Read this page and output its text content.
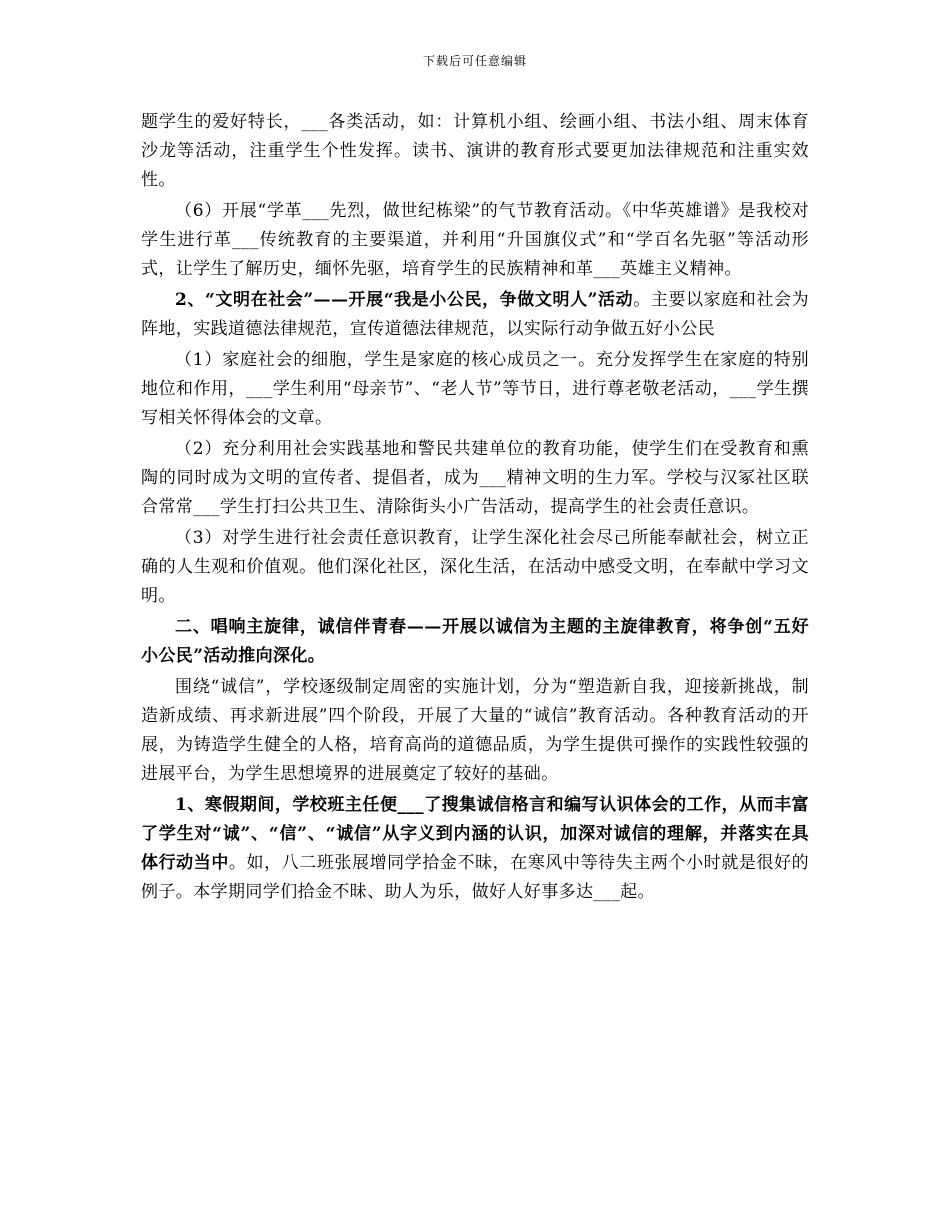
下载后可任意编辑

题学生的爱好特长，___各类活动，如：计算机小组、绘画小组、书法小组、周末体育沙龙等活动，注重学生个性发挥。读书、演讲的教育形式要更加法律规范和注重实效性。

（6）开展“学革___先烈，做世纪栋梁”的气节教育活动。《中华英雄谱》是我校对学生进行革___传统教育的主要渠道，并利用“升国旗仪式”和“学百名先驱”等活动形式，让学生了解历史，缅怀先驱，培育学生的民族精神和革___英雄主义精神。

2、“文明在社会”——开展“我是小公民，争做文明人”活动。主要以家庭和社会为阵地，实践道德法律规范，宣传道德法律规范，以实际行动争做五好小公民

（1）家庭社会的细胞，学生是家庭的核心成员之一。充分发挥学生在家庭的特别地位和作用，___学生利用“母亲节”、“老人节”等节日，进行尊老敬老活动，___学生撰写相关怀得体会的文章。

（2）充分利用社会实践基地和警民共建单位的教育功能，使学生们在受教育和熏陶的同时成为文明的宣传者、提倡者，成为___精神文明的生力军。学校与汉冢社区联合常常___学生打扫公共卫生、清除街头小广告活动，提高学生的社会责任意识。

（3）对学生进行社会责任意识教育，让学生深化社会尽己所能奉献社会，树立正确的人生观和价值观。他们深化社区，深化生活，在活动中感受文明，在奉献中学习文明。

二、唱响主旋律，诚信伴青春——开展以诚信为主题的主旋律教育，将争创“五好小公民”活动推向深化。

围绕“诚信”，学校逐级制定周密的实施计划，分为“塑造新自我，迎接新挑战，制造新成绩、再求新进展”四个阶段，开展了大量的“诚信”教育活动。各种教育活动的开展，为铸造学生健全的人格，培育高尚的道德品质，为学生提供可操作的实践性较强的进展平台，为学生思想境界的进展奠定了较好的基础。

1、寒假期间，学校班主任便___了搜集诚信格言和编写认识体会的工作，从而丰富了学生对“诚”、“信”、“诚信”从字义到内涵的认识，加深对诚信的理解，并落实在具体行动当中。如，八二班张展增同学拾金不昧，在寒风中等待失主两个小时就是很好的例子。本学期同学们拾金不昧、助人为乐，做好人好事多达___起。
